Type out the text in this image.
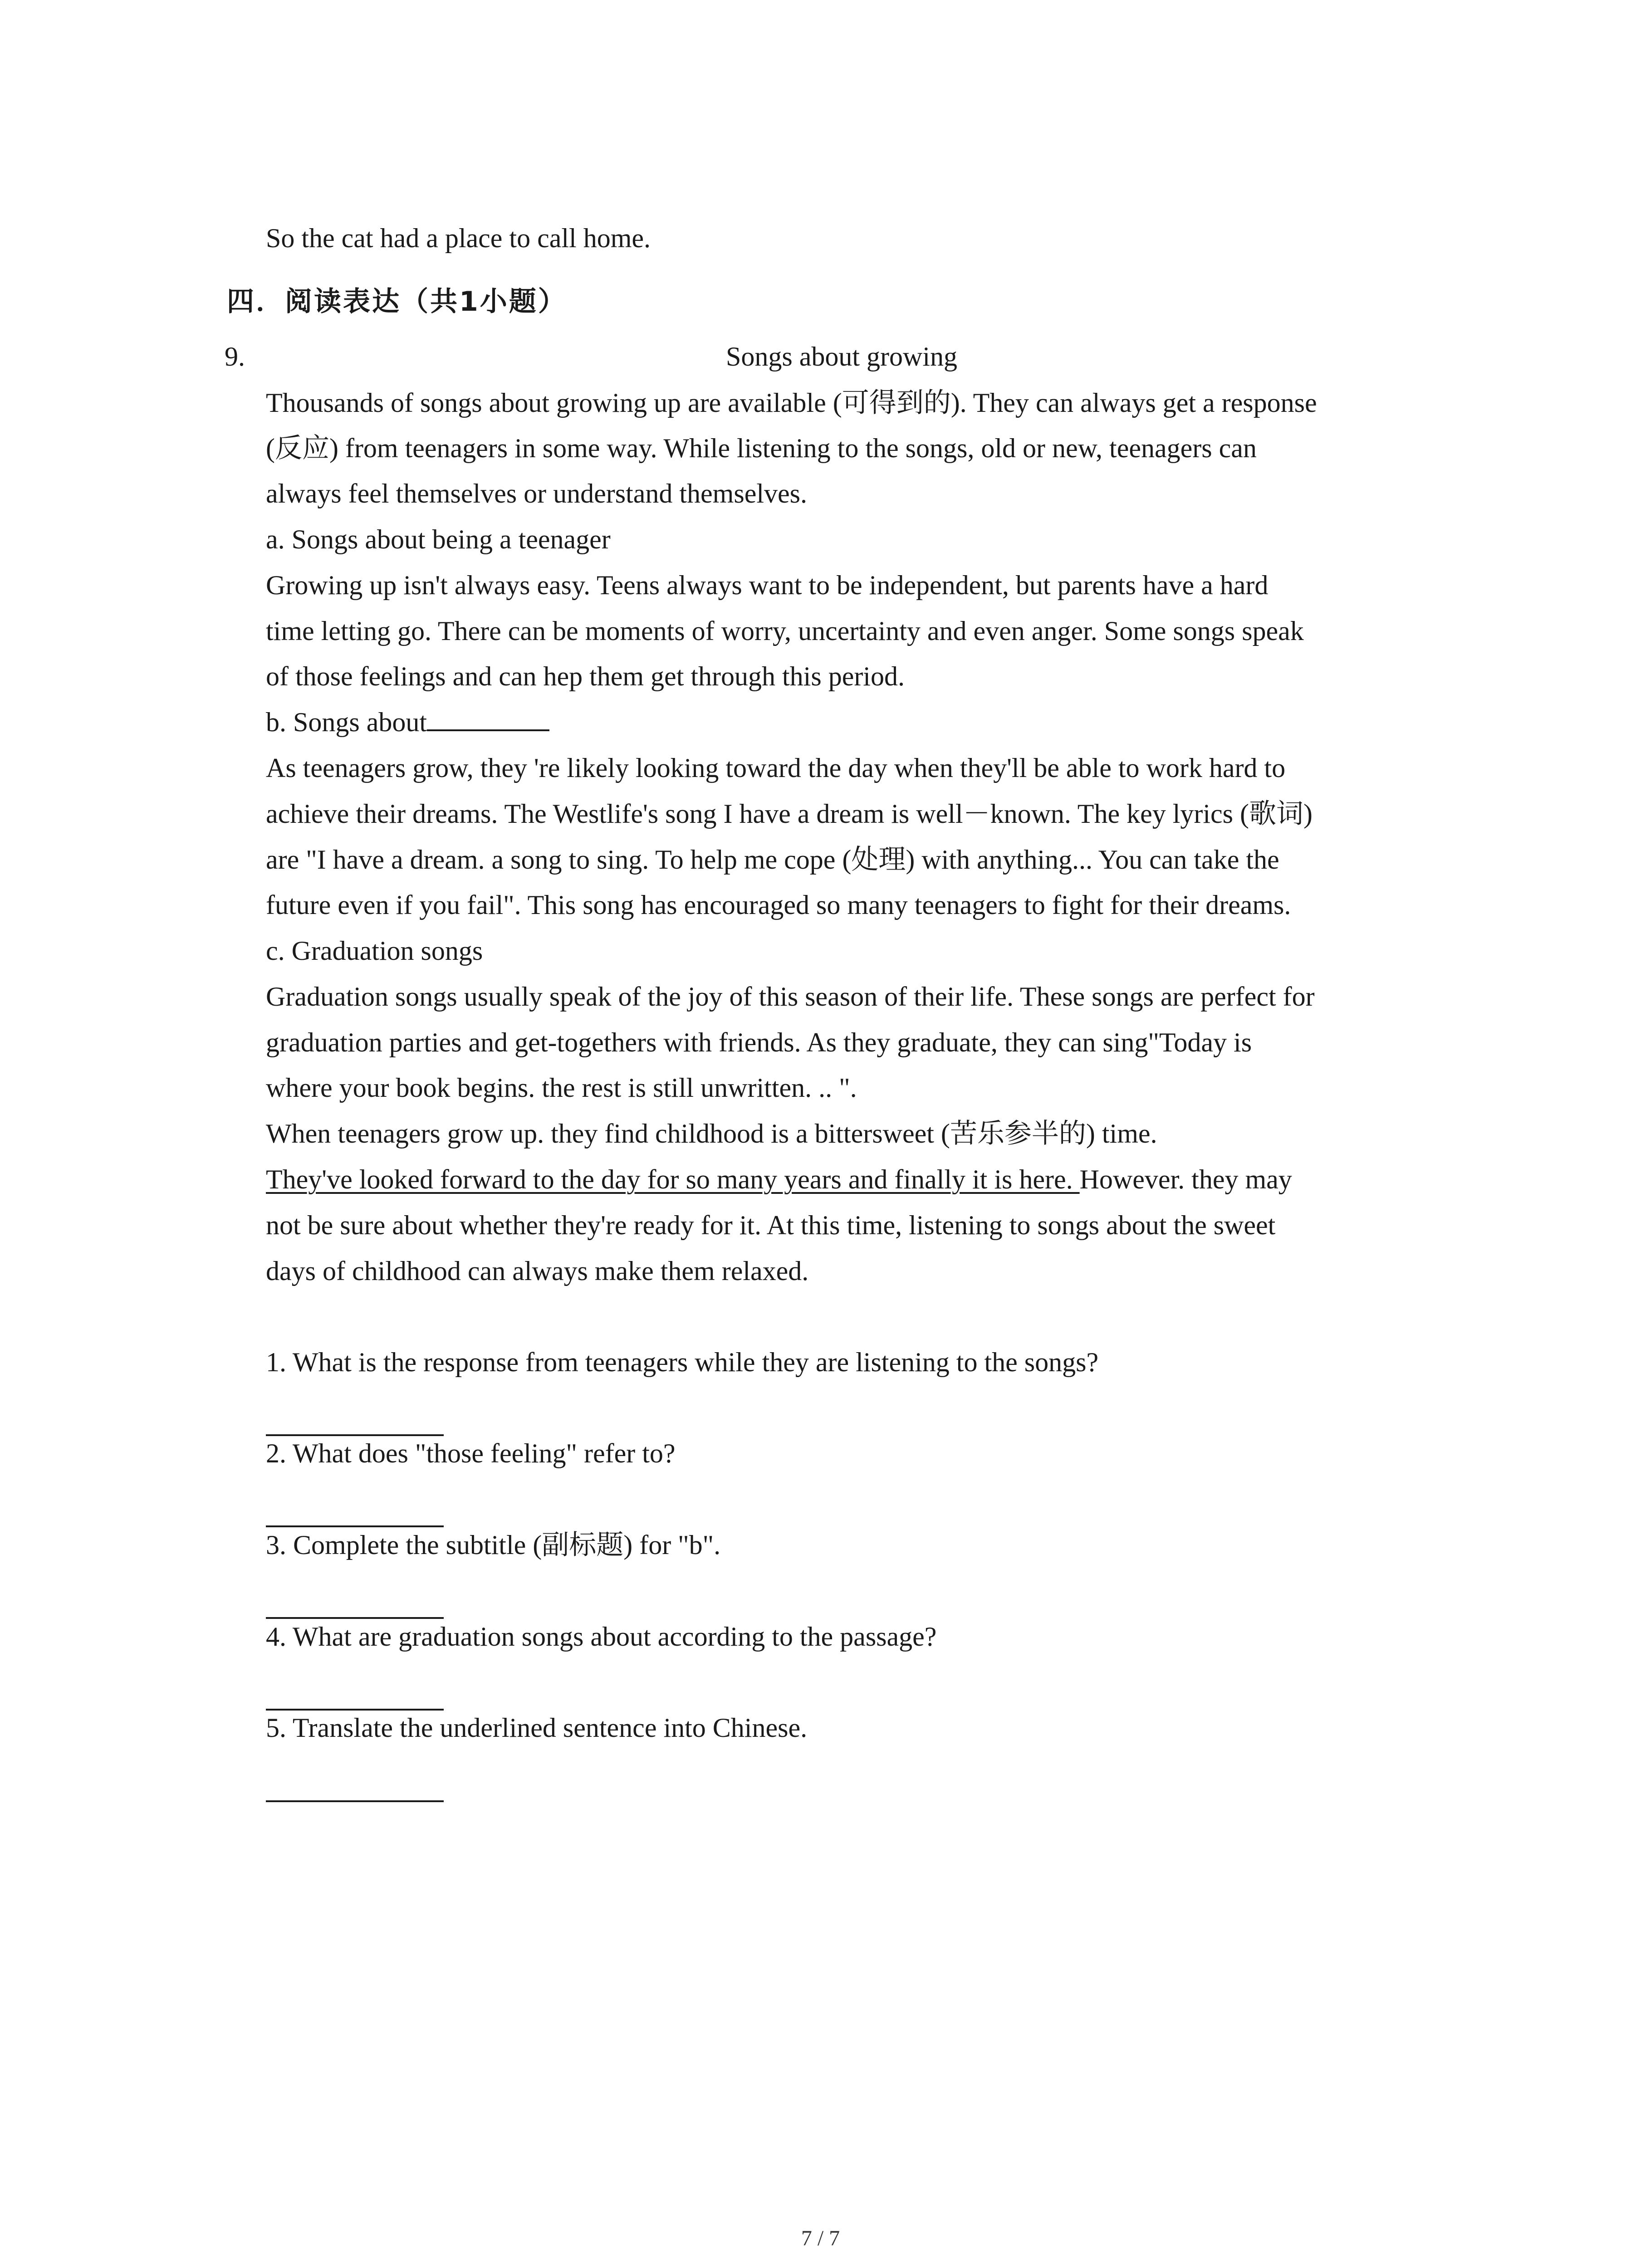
So the cat had a place to call home.
四．阅读表达（共1小题）
9.	Songs about growing
Thousands of songs about growing up are available (可得到的). They can always get a response
(反应) from teenagers in some way. While listening to the songs, old or new, teenagers can
always feel themselves or understand themselves.
a. Songs about being a teenager
Growing up isn't always easy. Teens always want to be independent, but parents have a hard
time letting go. There can be moments of worry, uncertainty and even anger. Some songs speak
of those feelings and can hep them get through this period.
b. Songs about
As teenagers grow, they 're likely looking toward the day when they'll be able to work hard to
achieve their dreams. The Westlife's song I have a dream is well－known. The key lyrics (歌词)
are "I have a dream. a song to sing. To help me cope (处理) with anything... You can take the
future even if you fail". This song has encouraged so many teenagers to fight for their dreams.
c. Graduation songs
Graduation songs usually speak of the joy of this season of their life. These songs are perfect for
graduation parties and get-togethers with friends. As they graduate, they can sing"Today is
where your book begins. the rest is still unwritten. .. ".
When teenagers grow up. they find childhood is a bittersweet (苦乐参半的) time.
They've looked forward to the day for so many years and finally it is here. However. they may
not be sure about whether they're ready for it. At this time, listening to songs about the sweet
days of childhood can always make them relaxed.
1. What is the response from teenagers while they are listening to the songs?
2. What does "those feeling" refer to?
3. Complete the subtitle (副标题) for "b".
4. What are graduation songs about according to the passage?
5. Translate the underlined sentence into Chinese.
7 / 7
